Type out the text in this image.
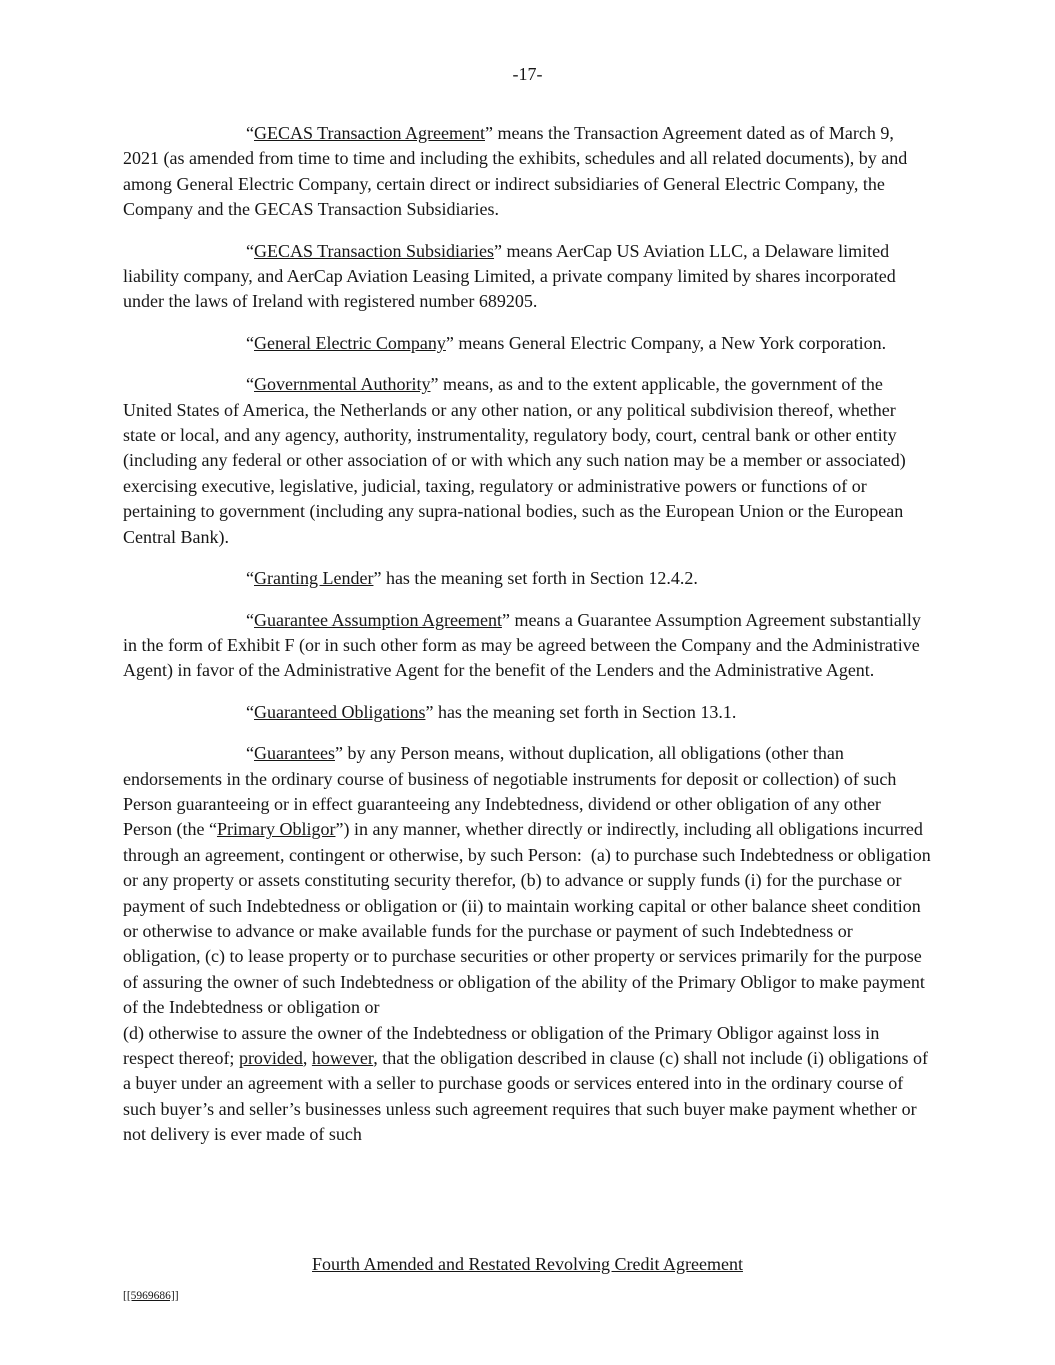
-17-

“GECAS Transaction Agreement” means the Transaction Agreement dated as of March 9, 2021 (as amended from time to time and including the exhibits, schedules and all related documents), by and among General Electric Company, certain direct or indirect subsidiaries of General Electric Company, the Company and the GECAS Transaction Subsidiaries.

“GECAS Transaction Subsidiaries” means AerCap US Aviation LLC, a Delaware limited liability company, and AerCap Aviation Leasing Limited, a private company limited by shares incorporated under the laws of Ireland with registered number 689205.

“General Electric Company” means General Electric Company, a New York corporation.

“Governmental Authority” means, as and to the extent applicable, the government of the United States of America, the Netherlands or any other nation, or any political subdivision thereof, whether state or local, and any agency, authority, instrumentality, regulatory body, court, central bank or other entity (including any federal or other association of or with which any such nation may be a member or associated) exercising executive, legislative, judicial, taxing, regulatory or administrative powers or functions of or pertaining to government (including any supra-national bodies, such as the European Union or the European Central Bank).

“Granting Lender” has the meaning set forth in Section 12.4.2.

“Guarantee Assumption Agreement” means a Guarantee Assumption Agreement substantially in the form of Exhibit F (or in such other form as may be agreed between the Company and the Administrative Agent) in favor of the Administrative Agent for the benefit of the Lenders and the Administrative Agent.

“Guaranteed Obligations” has the meaning set forth in Section 13.1.

“Guarantees” by any Person means, without duplication, all obligations (other than endorsements in the ordinary course of business of negotiable instruments for deposit or collection) of such Person guaranteeing or in effect guaranteeing any Indebtedness, dividend or other obligation of any other Person (the “Primary Obligor”) in any manner, whether directly or indirectly, including all obligations incurred through an agreement, contingent or otherwise, by such Person:  (a) to purchase such Indebtedness or obligation or any property or assets constituting security therefor, (b) to advance or supply funds (i) for the purchase or payment of such Indebtedness or obligation or (ii) to maintain working capital or other balance sheet condition or otherwise to advance or make available funds for the purchase or payment of such Indebtedness or obligation, (c) to lease property or to purchase securities or other property or services primarily for the purpose of assuring the owner of such Indebtedness or obligation of the ability of the Primary Obligor to make payment of the Indebtedness or obligation or
(d) otherwise to assure the owner of the Indebtedness or obligation of the Primary Obligor against loss in respect thereof; provided, however, that the obligation described in clause (c) shall not include (i) obligations of a buyer under an agreement with a seller to purchase goods or services entered into in the ordinary course of such buyer’s and seller’s businesses unless such agreement requires that such buyer make payment whether or not delivery is ever made of such

Fourth Amended and Restated Revolving Credit Agreement
[[5969686]]
